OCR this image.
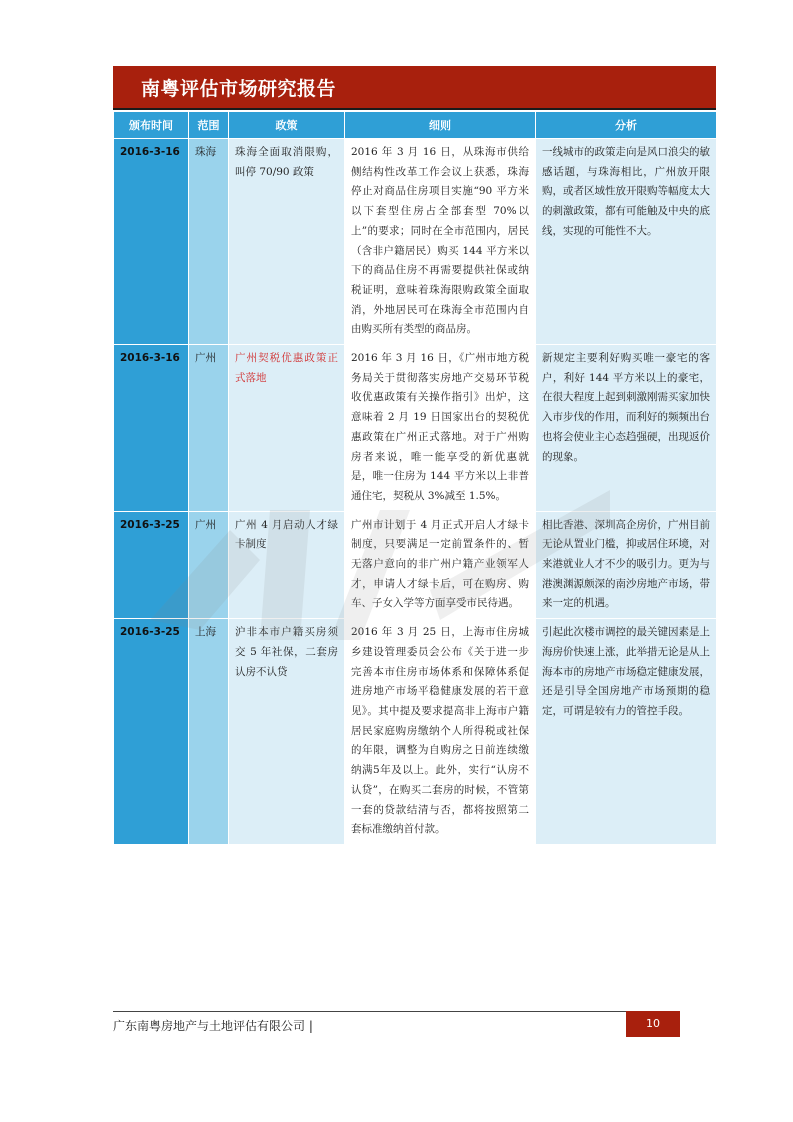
南粤评估市场研究报告
颁布时间	范围	政策	细则	分析
2016-3-16	珠海	珠海全面取消限购，叫停 70/90 政策	2016 年 3 月 16 日，从珠海市供给侧结构性改革工作会议上获悉，珠海停止对商品住房项目实施“90 平方米以下套型住房占全部套型 70%以上”的要求；同时在全市范围内，居民（含非户籍居民）购买 144 平方米以下的商品住房不再需要提供社保或纳税证明，意味着珠海限购政策全面取消，外地居民可在珠海全市范围内自由购买所有类型的商品房。	一线城市的政策走向是风口浪尖的敏感话题，与珠海相比，广州放开限购，或者区域性放开限购等幅度太大的刺激政策，都有可能触及中央的底线，实现的可能性不大。
2016-3-16	广州	广州契税优惠政策正式落地	2016 年 3 月 16 日，《广州市地方税务局关于贯彻落实房地产交易环节税收优惠政策有关操作指引》出炉，这意味着 2 月 19 日国家出台的契税优惠政策在广州正式落地。对于广州购房者来说，唯一能享受的新优惠就是，唯一住房为 144 平方米以上非普通住宅，契税从 3%减至 1.5%。	新规定主要利好购买唯一豪宅的客户，利好 144 平方米以上的豪宅，在很大程度上起到刺激刚需买家加快入市步伐的作用，而利好的频频出台也将会使业主心态趋强硬，出现返价的现象。
2016-3-25	广州	广州 4 月启动人才绿卡制度	广州市计划于 4 月正式开启人才绿卡制度，只要满足一定前置条件的、暂无落户意向的非广州户籍产业领军人才，申请人才绿卡后，可在购房、购车、子女入学等方面享受市民待遇。	相比香港、深圳高企房价，广州目前无论从置业门槛，抑或居住环境，对来港就业人才不少的吸引力。更为与港澳渊源颇深的南沙房地产市场，带来一定的机遇。
2016-3-25	上海	沪非本市户籍买房须交 5 年社保，二套房认房不认贷	2016 年 3 月 25 日，上海市住房城乡建设管理委员会公布《关于进一步完善本市住房市场体系和保障体系促进房地产市场平稳健康发展的若干意见》。其中提及要求提高非上海市户籍居民家庭购房缴纳个人所得税或社保的年限，调整为自购房之日前连续缴纳满5年及以上。此外，实行“认房不认贷”，在购买二套房的时候，不管第一套的贷款结清与否，都将按照第二套标准缴纳首付款。	引起此次楼市调控的最关键因素是上海房价快速上涨，此举措无论是从上海本市的房地产市场稳定健康发展，还是引导全国房地产市场预期的稳定，可谓是较有力的管控手段。
广东南粤房地产与土地评估有限公司 |	10
